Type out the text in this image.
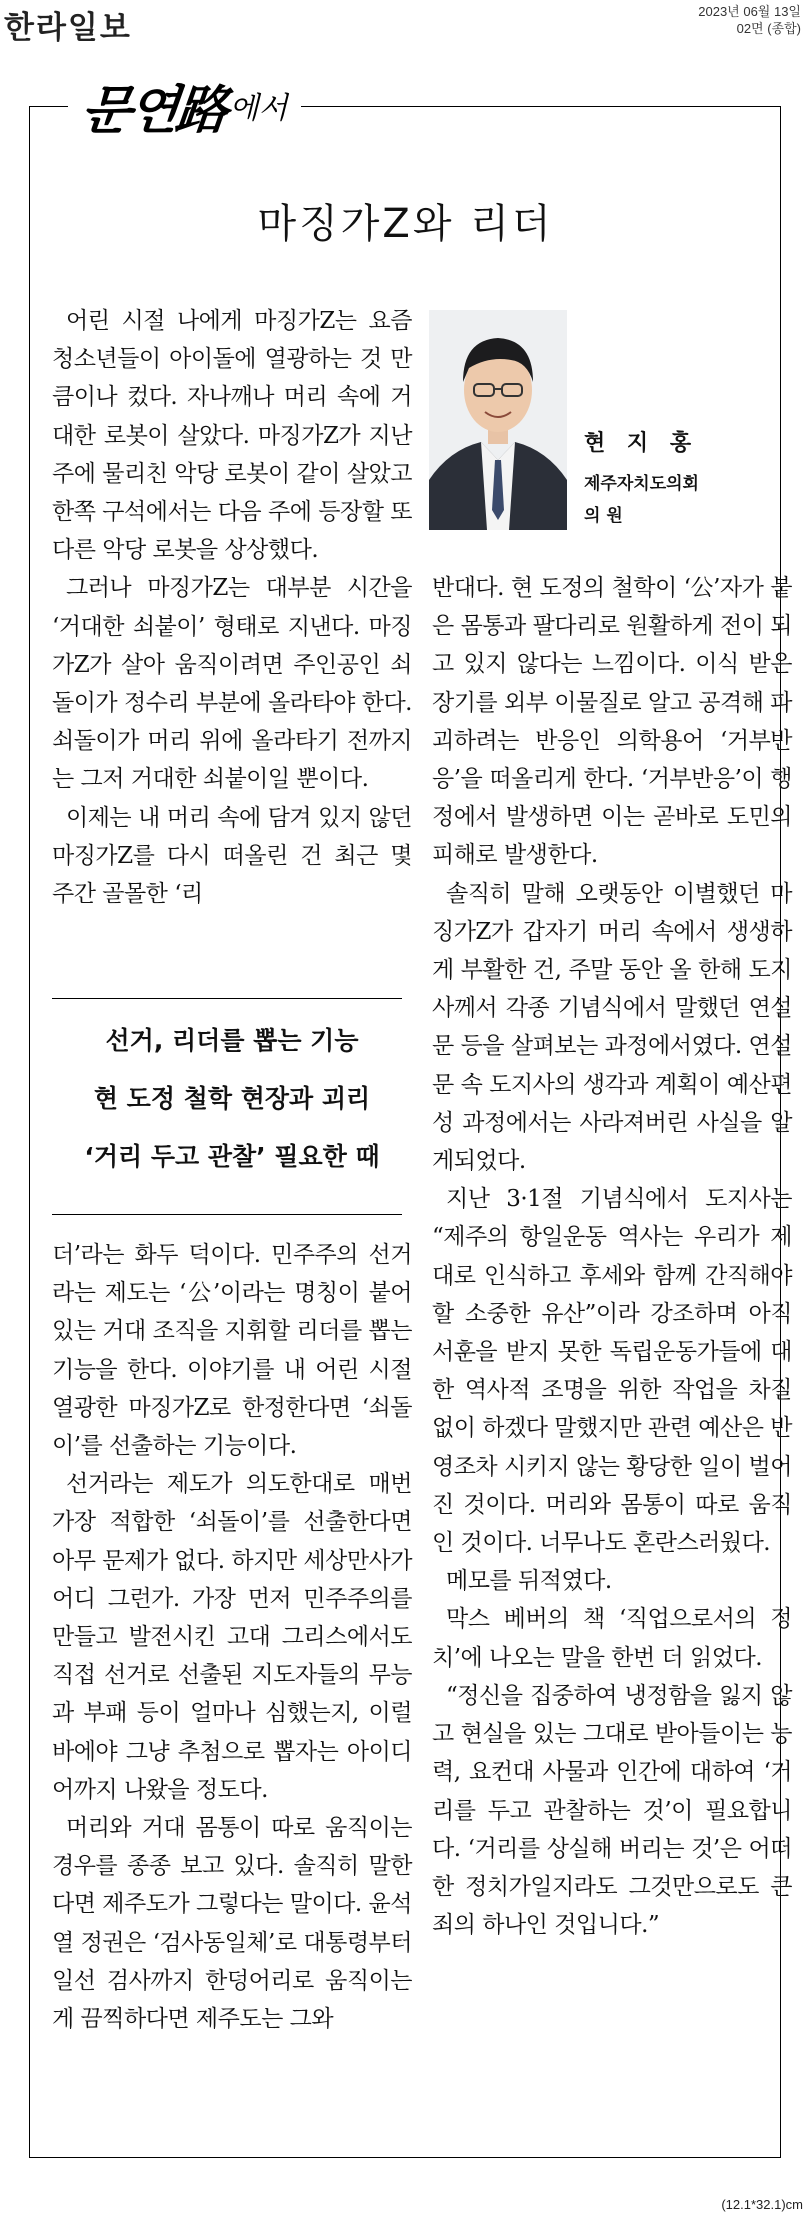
한라일보	2023년 06월 13일
02면 (종합)
문연路 에서
마징가Z와 리더

어린 시절 나에게 마징가Z는 요즘 청소년들이 아이돌에 열광하는 것 만큼이나 컸다. 자나깨나 머리 속에 거대한 로봇이 살았다. 마징가Z가 지난주에 물리친 악당 로봇이 같이 살았고 한쪽 구석에서는 다음 주에 등장할 또 다른 악당 로봇을 상상했다.

그러나 마징가Z는 대부분 시간을 ‘거대한 쇠붙이’ 형태로 지낸다. 마징가Z가 살아 움직이려면 주인공인 쇠돌이가 정수리 부분에 올라타야 한다. 쇠돌이가 머리 위에 올라타기 전까지는 그저 거대한 쇠붙이일 뿐이다.

이제는 내 머리 속에 담겨 있지 않던 마징가Z를 다시 떠올린 건 최근 몇 주간 골몰한 ‘리

현 지 홍
제주자치도의회
의 원
선거, 리더를 뽑는 기능
현 도정 철학 현장과 괴리
‘거리 두고 관찰’ 필요한 때

더’라는 화두 덕이다. 민주주의 선거라는 제도는 ‘公’이라는 명칭이 붙어 있는 거대 조직을 지휘할 리더를 뽑는 기능을 한다. 이야기를 내 어린 시절 열광한 마징가Z로 한정한다면 ‘쇠돌이’를 선출하는 기능이다.

선거라는 제도가 의도한대로 매번 가장 적합한 ‘쇠돌이’를 선출한다면 아무 문제가 없다. 하지만 세상만사가 어디 그런가. 가장 먼저 민주주의를 만들고 발전시킨 고대 그리스에서도 직접 선거로 선출된 지도자들의 무능과 부패 등이 얼마나 심했는지, 이럴 바에야 그냥 추첨으로 뽑자는 아이디어까지 나왔을 정도다.

머리와 거대 몸통이 따로 움직이는 경우를 종종 보고 있다. 솔직히 말한다면 제주도가 그렇다는 말이다. 윤석열 정권은 ‘검사동일체’로 대통령부터 일선 검사까지 한덩어리로 움직이는게 끔찍하다면 제주도는 그와

반대다. 현 도정의 철학이 ‘公’자가 붙은 몸통과 팔다리로 원활하게 전이 되고 있지 않다는 느낌이다. 이식 받은 장기를 외부 이물질로 알고 공격해 파괴하려는 반응인 의학용어 ‘거부반응’을 떠올리게 한다. ‘거부반응’이 행정에서 발생하면 이는 곧바로 도민의 피해로 발생한다.

솔직히 말해 오랫동안 이별했던 마징가Z가 갑자기 머리 속에서 생생하게 부활한 건, 주말 동안 올 한해 도지사께서 각종 기념식에서 말했던 연설문 등을 살펴보는 과정에서였다. 연설문 속 도지사의 생각과 계획이 예산편성 과정에서는 사라져버린 사실을 알게되었다.

지난 3·1절 기념식에서 도지사는 “제주의 항일운동 역사는 우리가 제대로 인식하고 후세와 함께 간직해야할 소중한 유산”이라 강조하며 아직 서훈을 받지 못한 독립운동가들에 대한 역사적 조명을 위한 작업을 차질 없이 하겠다 말했지만 관련 예산은 반영조차 시키지 않는 황당한 일이 벌어진 것이다. 머리와 몸통이 따로 움직인 것이다. 너무나도 혼란스러웠다.

메모를 뒤적였다.

막스 베버의 책 ‘직업으로서의 정치’에 나오는 말을 한번 더 읽었다.

“정신을 집중하여 냉정함을 잃지 않고 현실을 있는 그대로 받아들이는 능력, 요컨대 사물과 인간에 대하여 ‘거리를 두고 관찰하는 것’이 필요합니다. ‘거리를 상실해 버리는 것’은 어떠한 정치가일지라도 그것만으로도 큰 죄의 하나인 것입니다.”

(12.1*32.1)cm
